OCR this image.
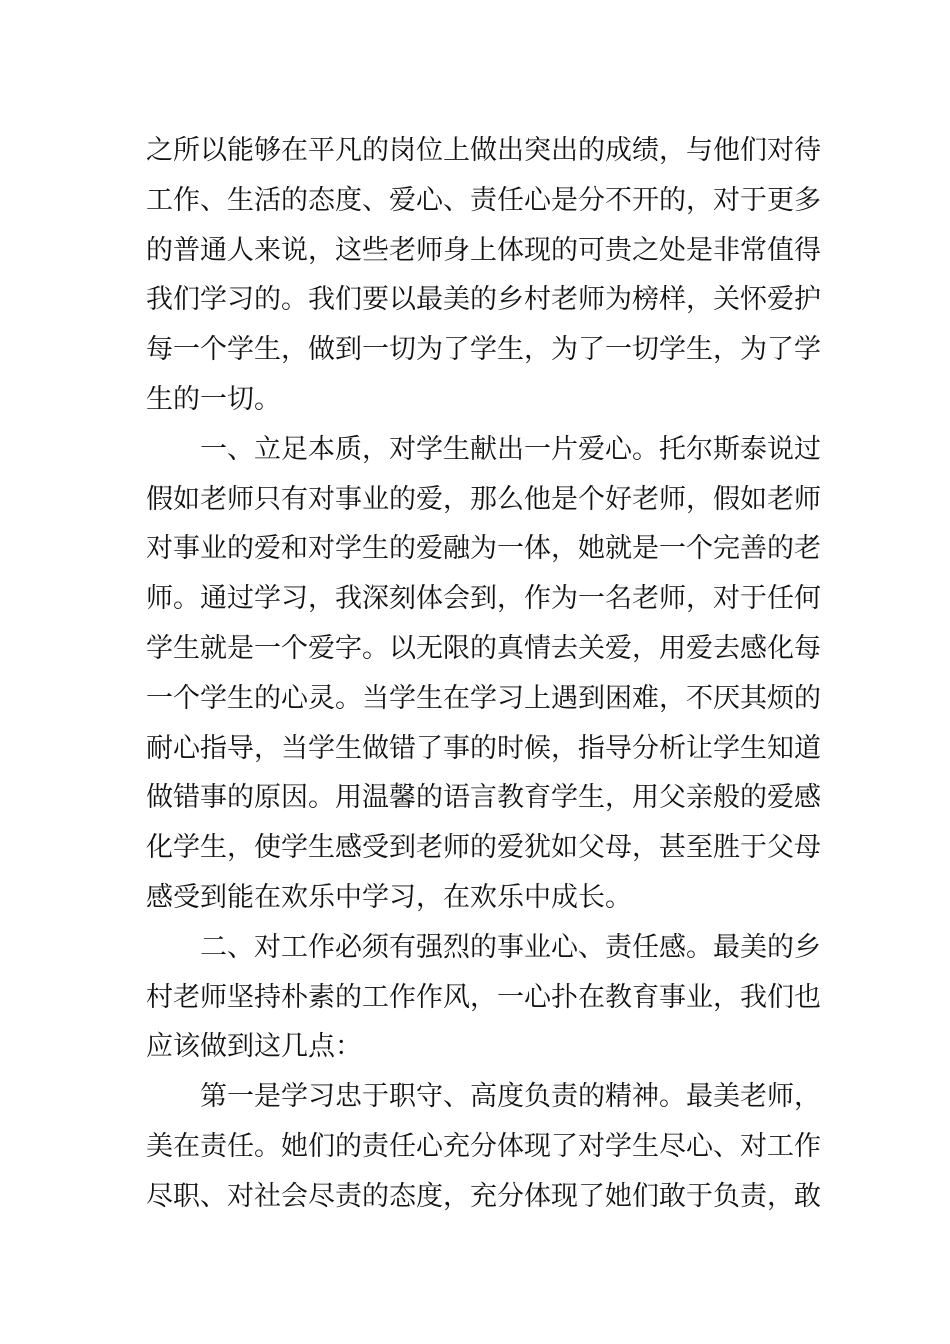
之所以能够在平凡的岗位上做出突出的成绩，与他们对待
工作、生活的态度、爱心、责任心是分不开的，对于更多
的普通人来说，这些老师身上体现的可贵之处是非常值得
我们学习的。我们要以最美的乡村老师为榜样，关怀爱护
每一个学生，做到一切为了学生，为了一切学生，为了学
生的一切。
　　一、立足本质，对学生献出一片爱心。托尔斯泰说过
假如老师只有对事业的爱，那么他是个好老师，假如老师
对事业的爱和对学生的爱融为一体，她就是一个完善的老
师。通过学习，我深刻体会到，作为一名老师，对于任何
学生就是一个爱字。以无限的真情去关爱，用爱去感化每
一个学生的心灵。当学生在学习上遇到困难，不厌其烦的
耐心指导，当学生做错了事的时候，指导分析让学生知道
做错事的原因。用温馨的语言教育学生，用父亲般的爱感
化学生，使学生感受到老师的爱犹如父母，甚至胜于父母
感受到能在欢乐中学习，在欢乐中成长。
　　二、对工作必须有强烈的事业心、责任感。最美的乡
村老师坚持朴素的工作作风，一心扑在教育事业，我们也
应该做到这几点：
　　第一是学习忠于职守、高度负责的精神。最美老师，
美在责任。她们的责任心充分体现了对学生尽心、对工作
尽职、对社会尽责的态度，充分体现了她们敢于负责，敢
